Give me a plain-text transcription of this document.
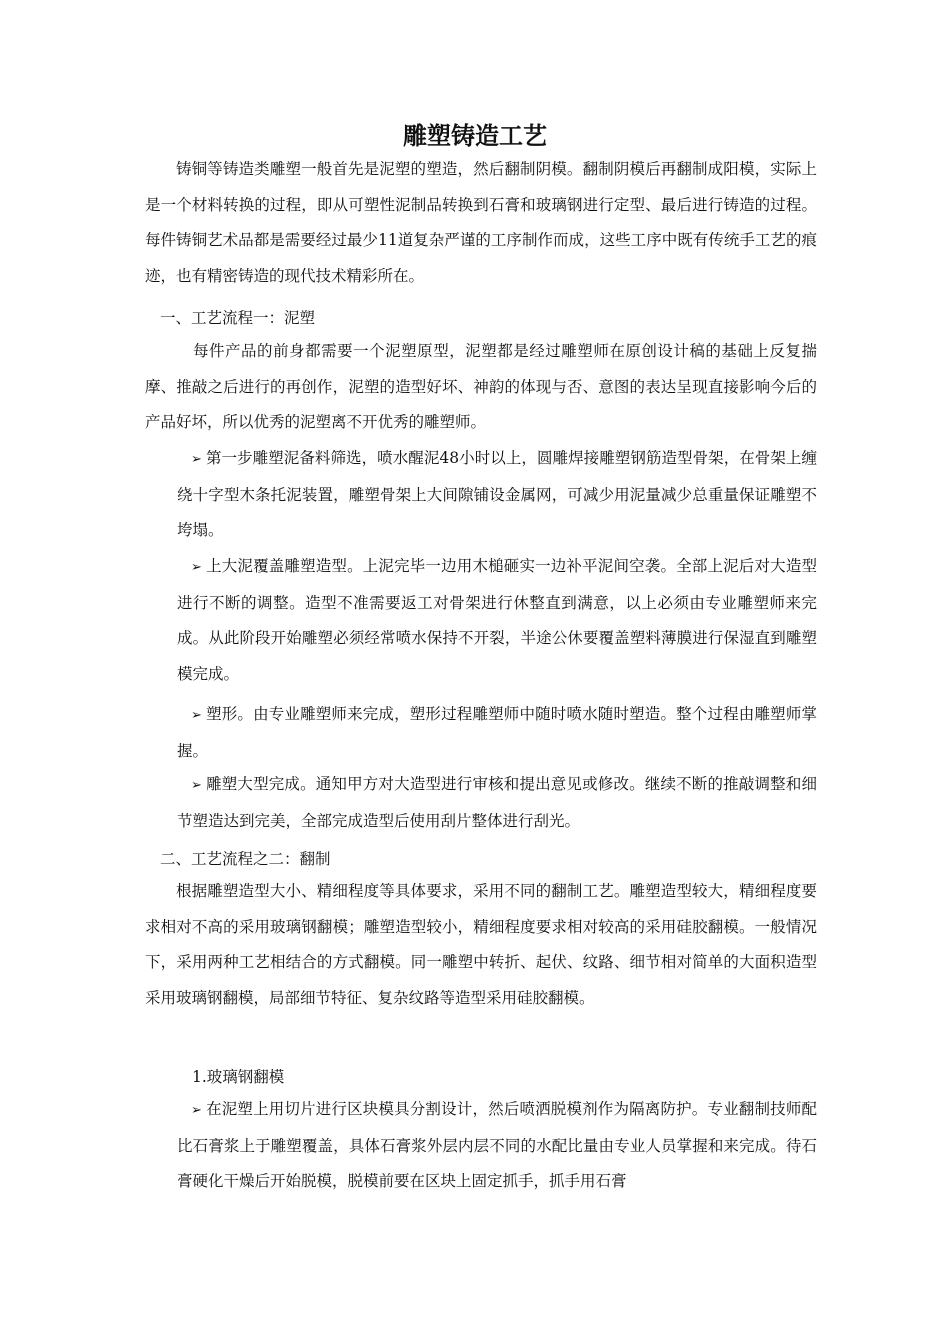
雕塑铸造工艺
铸铜等铸造类雕塑一般首先是泥塑的塑造，然后翻制阴模。翻制阴模后再翻制成阳模，实际上是一个材料转换的过程，即从可塑性泥制品转换到石膏和玻璃钢进行定型、最后进行铸造的过程。每件铸铜艺术品都是需要经过最少11道复杂严谨的工序制作而成，这些工序中既有传统手工艺的痕迹，也有精密铸造的现代技术精彩所在。
一、工艺流程一：泥塑
每件产品的前身都需要一个泥塑原型，泥塑都是经过雕塑师在原创设计稿的基础上反复揣摩、推敲之后进行的再创作，泥塑的造型好坏、神韵的体现与否、意图的表达呈现直接影响今后的产品好坏，所以优秀的泥塑离不开优秀的雕塑师。
➢ 第一步雕塑泥备料筛选，喷水醒泥48小时以上，圆雕焊接雕塑钢筋造型骨架，在骨架上缠绕十字型木条托泥装置，雕塑骨架上大间隙铺设金属网，可减少用泥量减少总重量保证雕塑不垮塌。
➢ 上大泥覆盖雕塑造型。上泥完毕一边用木槌砸实一边补平泥间空袭。全部上泥后对大造型进行不断的调整。造型不准需要返工对骨架进行休整直到满意，以上必须由专业雕塑师来完成。从此阶段开始雕塑必须经常喷水保持不开裂，半途公休要覆盖塑料薄膜进行保湿直到雕塑模完成。
➢ 塑形。由专业雕塑师来完成，塑形过程雕塑师中随时喷水随时塑造。整个过程由雕塑师掌握。
➢ 雕塑大型完成。通知甲方对大造型进行审核和提出意见或修改。继续不断的推敲调整和细节塑造达到完美，全部完成造型后使用刮片整体进行刮光。
二、工艺流程之二：翻制
根据雕塑造型大小、精细程度等具体要求，采用不同的翻制工艺。雕塑造型较大，精细程度要求相对不高的采用玻璃钢翻模；雕塑造型较小，精细程度要求相对较高的采用硅胶翻模。一般情况下，采用两种工艺相结合的方式翻模。同一雕塑中转折、起伏、纹路、细节相对简单的大面积造型采用玻璃钢翻模，局部细节特征、复杂纹路等造型采用硅胶翻模。
1.玻璃钢翻模
➢ 在泥塑上用切片进行区块模具分割设计，然后喷洒脱模剂作为隔离防护。专业翻制技师配比石膏浆上于雕塑覆盖，具体石膏浆外层内层不同的水配比量由专业人员掌握和来完成。待石膏硬化干燥后开始脱模，脱模前要在区块上固定抓手，抓手用石膏
